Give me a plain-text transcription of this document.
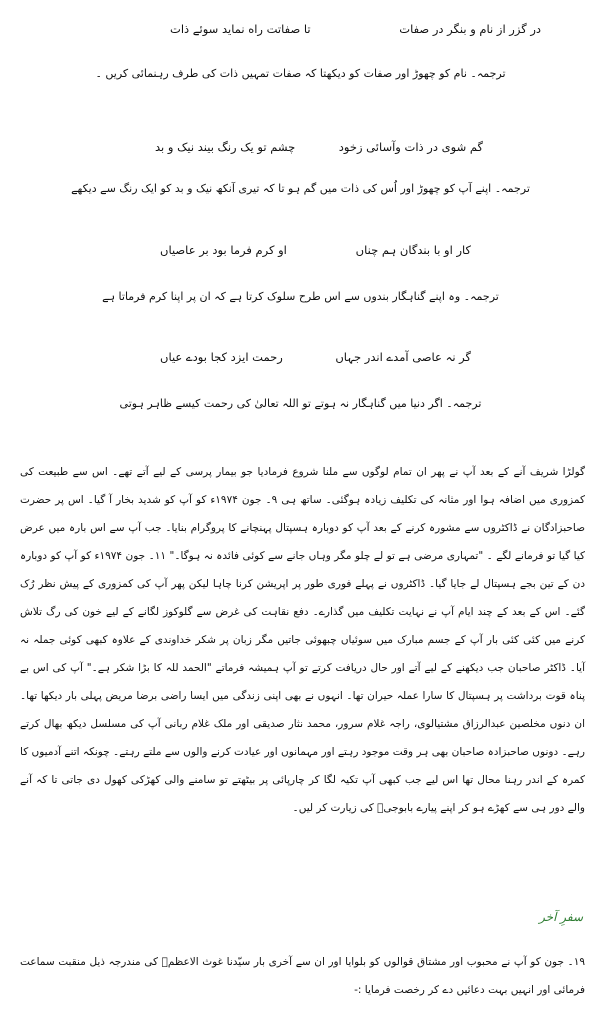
در گزر از نام و بنگر در صفات
تا صفاتت راه نماید سوئے ذات
ترجمہ۔ نام کو چھوڑ اور صفات کو دیکھتا کہ صفات تمہیں ذات کی طرف رہنمائی کریں ۔
گم شوی در ذات وآسائی زخود
چشم تو یک رنگ بیند نیک و بد
ترجمہ۔ اپنے آپ کو چھوڑ اور اُس کی ذات میں گم ہو تا کہ تیری آنکھ نیک و بد کو ایک رنگ سے دیکھے
کار او با بندگان ہم چناں
او کرم فرما بود بر عاصیاں
ترجمہ۔ وہ اپنے گناہگار بندوں سے اس طرح سلوک کرتا ہے کہ ان پر اپنا کرم فرماتا ہے
گر نہ عاصی آمدے اندر جہاں
رحمت ایزد کجا بودے عیاں
ترجمہ۔ اگر دنیا میں گناہگار نہ ہوتے تو اللہ تعالیٰ کی رحمت کیسے ظاہر ہوتی
گولڑا شریف آنے کے بعد آپ نے پھر ان تمام لوگوں سے ملنا شروع فرمادیا جو بیمار پرسی کے لیے آتے تھے۔ اس سے طبیعت کی کمزوری میں اضافہ ہوا اور مثانہ کی تکلیف زیادہ ہوگئی۔ ساتھ ہی ۹۔ جون ۱۹۷۴ء کو آپ کو شدید بخار آ گیا۔ اس پر حضرت صاحبزادگان نے ڈاکٹروں سے مشورہ کرنے کے بعد آپ کو دوبارہ ہسپتال پہنچانے کا پروگرام بنایا۔ جب آپ سے اس بارہ میں عرض کیا گیا تو فرمانے لگے ۔ "تمہاری مرضی ہے تو لے چلو مگر وہاں جانے سے کوئی فائدہ نہ ہوگا۔" ۱۱۔ جون ۱۹۷۴ء کو آپ کو دوبارہ دن کے تین بجے ہسپتال لے جایا گیا۔ ڈاکٹروں نے پہلے فوری طور پر اپریشن کرنا چاہا لیکن پھر آپ کی کمزوری کے پیش نظر رُک گئے۔ اس کے بعد کے چند ایام آپ نے نہایت تکلیف میں گذارے۔ دفع نقاہت کی غرض سے گلوکوز لگانے کے لیے خون کی رگ تلاش کرنے میں کئی کئی بار آپ کے جسم مبارک میں سوئیاں چبھوئی جاتیں مگر زبان پر شکر خداوندی کے علاوہ کبھی کوئی جملہ نہ آیا۔ ڈاکٹر صاحبان جب دیکھنے کے لیے آتے اور حال دریافت کرتے تو آپ ہمیشہ فرماتے "الحمد للہ کا بڑا شکر ہے۔" آپ کی اس بے پناہ قوت برداشت پر ہسپتال کا سارا عملہ حیران تھا۔ انہوں نے بھی اپنی زندگی میں ایسا راضی برضا مریض پہلی بار دیکھا تھا۔ ان دنوں مخلصین عبدالرزاق مشتیالوی، راجہ غلام سرور، محمد نثار صدیقی اور ملک غلام ربانی آپ کی مسلسل دیکھ بھال کرتے رہے۔ دونوں صاحبزادہ صاحبان بھی ہر وقت موجود رہتے اور مہمانوں اور عیادت کرنے والوں سے ملتے رہتے۔ چونکہ اتنے آدمیوں کا کمرہ کے اندر رہنا محال تھا اس لیے جب کبھی آپ تکیہ لگا کر چارپائی پر بیٹھتے تو سامنے والی کھڑکی کھول دی جاتی تا کہ آنے والے دور ہی سے کھڑے ہو کر اپنے پیارے بابوجیؒ کی زیارت کر لیں۔
سفرِ آخر
۱۹۔ جون کو آپ نے محبوب اور مشتاق قوالوں کو بلوایا اور ان سے آخری بار سیّدنا غوث الاعظمؒ کی مندرجہ ذیل منقبت سماعت فرمائی اور انہیں بہت دعائیں دے کر رخصت فرمایا :-
